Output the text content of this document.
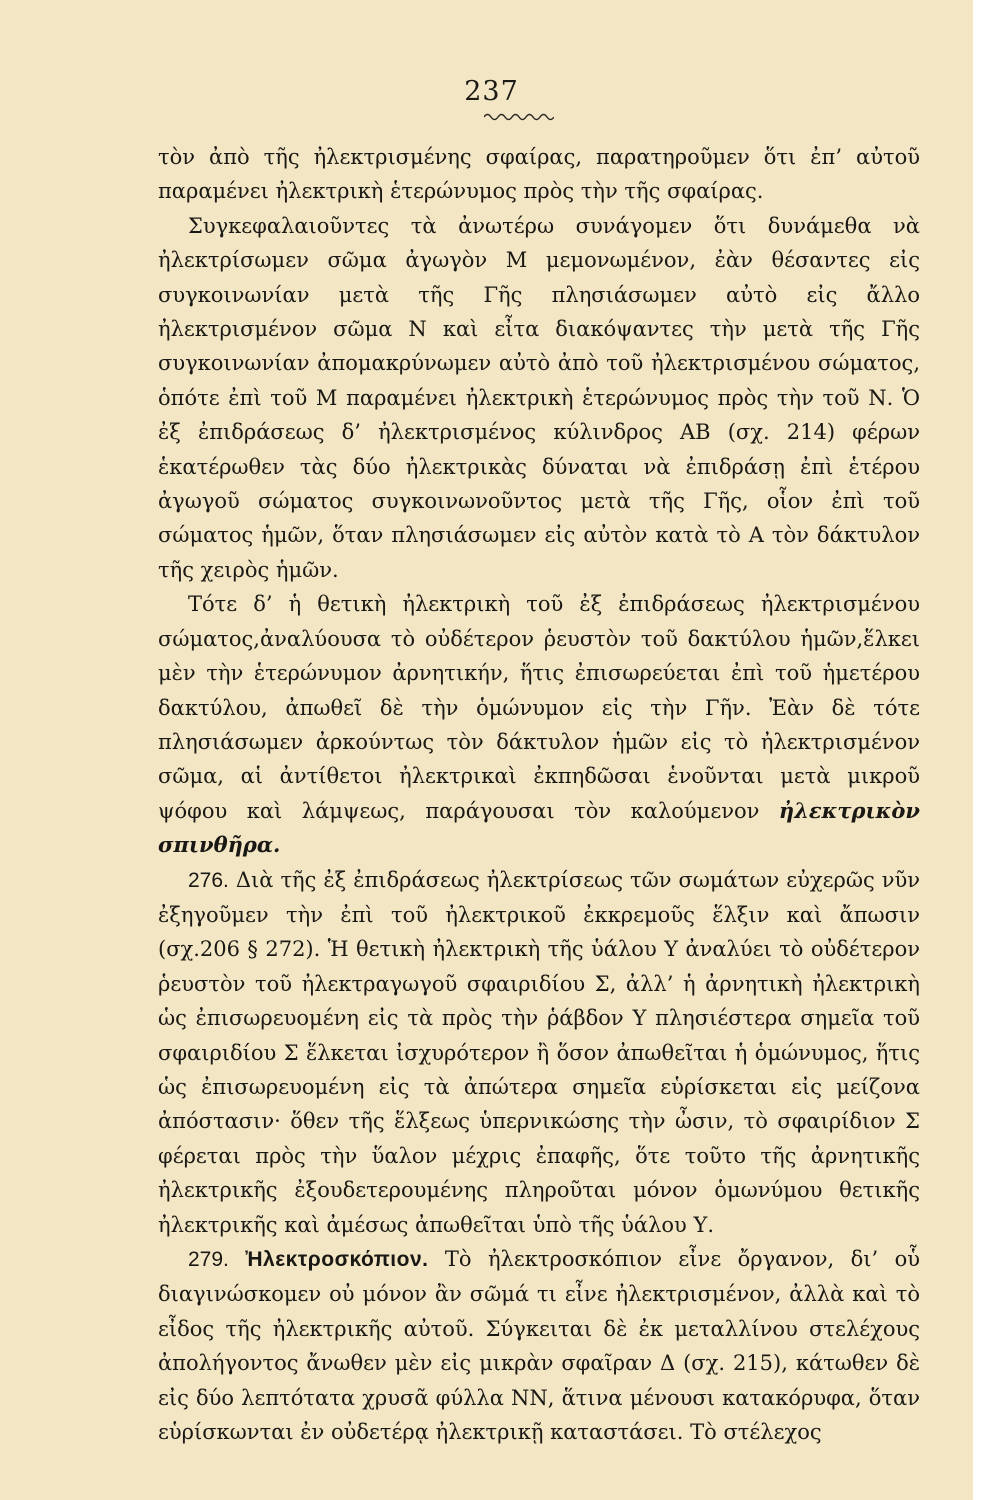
237

τὸν ἀπὸ τῆς ἠλεκτρισμένης σφαίρας, παρατηροῦμεν ὅτι ἐπ’ αὐτοῦ παραμένει ἠλεκτρικὴ ἑτερώνυμος πρὸς τὴν τῆς σφαίρας.

Συγκεφαλαιοῦντες τὰ ἀνωτέρω συνάγομεν ὅτι δυνάμεθα νὰ ἠλεκτρίσωμεν σῶμα ἀγωγὸν Μ μεμονωμένον, ἐὰν θέσαντες εἰς συγκοινωνίαν μετὰ τῆς Γῆς πλησιάσωμεν αὐτὸ εἰς ἄλλο ἠλεκτρισμένον σῶμα Ν καὶ εἶτα διακόψαντες τὴν μετὰ τῆς Γῆς συγκοινωνίαν ἀπομακρύνωμεν αὐτὸ ἀπὸ τοῦ ἠλεκτρισμένου σώματος, ὁπότε ἐπὶ τοῦ Μ παραμένει ἠλεκτρικὴ ἑτερώνυμος πρὸς τὴν τοῦ Ν. Ὁ ἐξ ἐπιδράσεως δ’ ἠλεκτρισμένος κύλινδρος ΑΒ (σχ. 214) φέρων ἑκατέρωθεν τὰς δύο ἠλεκτρικὰς δύναται νὰ ἐπιδράσῃ ἐπὶ ἑτέρου ἀγωγοῦ σώματος συγκοινωνοῦντος μετὰ τῆς Γῆς, οἷον ἐπὶ τοῦ σώματος ἡμῶν, ὅταν πλησιάσωμεν εἰς αὐτὸν κατὰ τὸ Α τὸν δάκτυλον τῆς χειρὸς ἡμῶν.

Τότε δ’ ἡ θετικὴ ἠλεκτρικὴ τοῦ ἐξ ἐπιδράσεως ἠλεκτρισμένου σώματος,ἀναλύουσα τὸ οὐδέτερον ῥευστὸν τοῦ δακτύλου ἡμῶν,ἕλκει μὲν τὴν ἑτερώνυμον ἀρνητικήν, ἥτις ἐπισωρεύεται ἐπὶ τοῦ ἡμετέρου δακτύλου, ἀπωθεῖ δὲ τὴν ὁμώνυμον εἰς τὴν Γῆν. Ἐὰν δὲ τότε πλησιάσωμεν ἀρκούντως τὸν δάκτυλον ἡμῶν εἰς τὸ ἠλεκτρισμένον σῶμα, αἱ ἀντίθετοι ἠλεκτρικαὶ ἐκπηδῶσαι ἑνοῦνται μετὰ μικροῦ ψόφου καὶ λάμψεως, παράγουσαι τὸν καλούμενον ἠλεκτρικὸν σπινθῆρα.

276. Διὰ τῆς ἐξ ἐπιδράσεως ἠλεκτρίσεως τῶν σωμάτων εὐχερῶς νῦν ἐξηγοῦμεν τὴν ἐπὶ τοῦ ἠλεκτρικοῦ ἐκκρεμοῦς ἕλξιν καὶ ἄπωσιν (σχ.206 § 272). Ἡ θετικὴ ἠλεκτρικὴ τῆς ὑάλου Υ ἀναλύει τὸ οὐδέτερον ῥευστὸν τοῦ ἠλεκτραγωγοῦ σφαιριδίου Σ, ἀλλ’ ἡ ἀρνητικὴ ἠλεκτρικὴ ὡς ἐπισωρευομένη εἰς τὰ πρὸς τὴν ῥάβδον Υ πλησιέστερα σημεῖα τοῦ σφαιριδίου Σ ἕλκεται ἰσχυρότερον ἢ ὅσον ἀπωθεῖται ἡ ὁμώνυμος, ἥτις ὡς ἐπισωρευομένη εἰς τὰ ἀπώτερα σημεῖα εὑρίσκεται εἰς μείζονα ἀπόστασιν· ὅθεν τῆς ἕλξεως ὑπερνικώσης τὴν ὦσιν, τὸ σφαιρίδιον Σ φέρεται πρὸς τὴν ὕαλον μέχρις ἐπαφῆς, ὅτε τοῦτο τῆς ἀρνητικῆς ἠλεκτρικῆς ἐξουδετερουμένης πληροῦται μόνον ὁμωνύμου θετικῆς ἠλεκτρικῆς καὶ ἀμέσως ἀπωθεῖται ὑπὸ τῆς ὑάλου Υ.

279. Ἠλεκτροσκόπιον. Τὸ ἠλεκτροσκόπιον εἶνε ὄργανον, δι’ οὗ διαγινώσκομεν οὐ μόνον ἂν σῶμά τι εἶνε ἠλεκτρισμένον, ἀλλὰ καὶ τὸ εἶδος τῆς ἠλεκτρικῆς αὐτοῦ. Σύγκειται δὲ ἐκ μεταλλίνου στελέχους ἀπολήγοντος ἄνωθεν μὲν εἰς μικρὰν σφαῖραν Δ (σχ. 215), κάτωθεν δὲ εἰς δύο λεπτότατα χρυσᾶ φύλλα ΝΝ, ἅτινα μένουσι κατακόρυφα, ὅταν εὑρίσκωνται ἐν οὐδετέρᾳ ἠλεκτρικῇ καταστάσει. Τὸ στέλεχος
